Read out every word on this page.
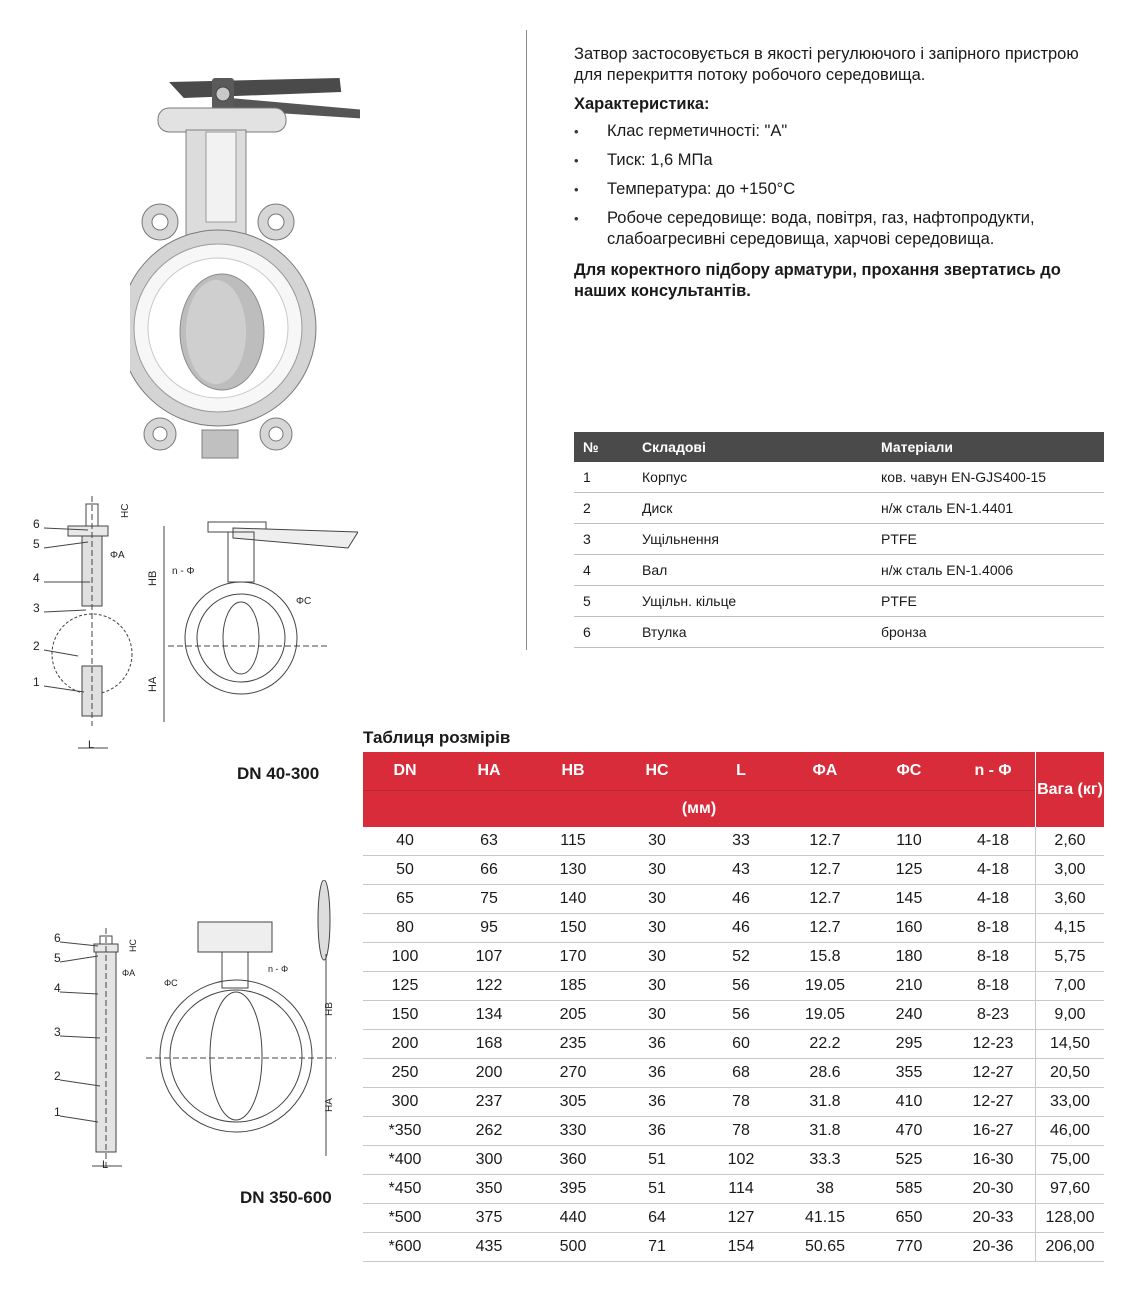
Затвор застосовується в якості регулюючого і запірного пристрою для перекриття потоку робочого середовища.

Характеристика:

• Клас герметичності: "А"
• Тиск: 1,6 МПа
• Температура: до +150°С
• Робоче середовище: вода, повітря, газ, нафтопродукти, слабоагресивні середовища, харчові середовища.

Для коректного підбору арматури, прохання звертатись до наших консультантів.

№	Складові	Матеріали
1	Корпус	ков. чавун EN-GJS400-15
2	Диск	н/ж сталь EN-1.4401
3	Ущільнення	PTFE
4	Вал	н/ж сталь EN-1.4006
5	Ущільн. кільце	PTFE
6	Втулка	бронза
6
5
4
3
2
1
HC
ΦA
L
HB
HA
n - Φ
ΦC
DN 40-300
6
5
4
3
2
1
HC
ΦA
L
HB
HA
n - Φ
ΦC
DN 350-600
Таблиця розмірів
DN	HA	HB	HC	L	ΦA	ΦC	n - Φ	Вага (кг)
(мм)								
40	63	115	30	33	12.7	110	4-18	2,60
50	66	130	30	43	12.7	125	4-18	3,00
65	75	140	30	46	12.7	145	4-18	3,60
80	95	150	30	46	12.7	160	8-18	4,15
100	107	170	30	52	15.8	180	8-18	5,75
125	122	185	30	56	19.05	210	8-18	7,00
150	134	205	30	56	19.05	240	8-23	9,00
200	168	235	36	60	22.2	295	12-23	14,50
250	200	270	36	68	28.6	355	12-27	20,50
300	237	305	36	78	31.8	410	12-27	33,00
*350	262	330	36	78	31.8	470	16-27	46,00
*400	300	360	51	102	33.3	525	16-30	75,00
*450	350	395	51	114	38	585	20-30	97,60
*500	375	440	64	127	41.15	650	20-33	128,00
*600	435	500	71	154	50.65	770	20-36	206,00
